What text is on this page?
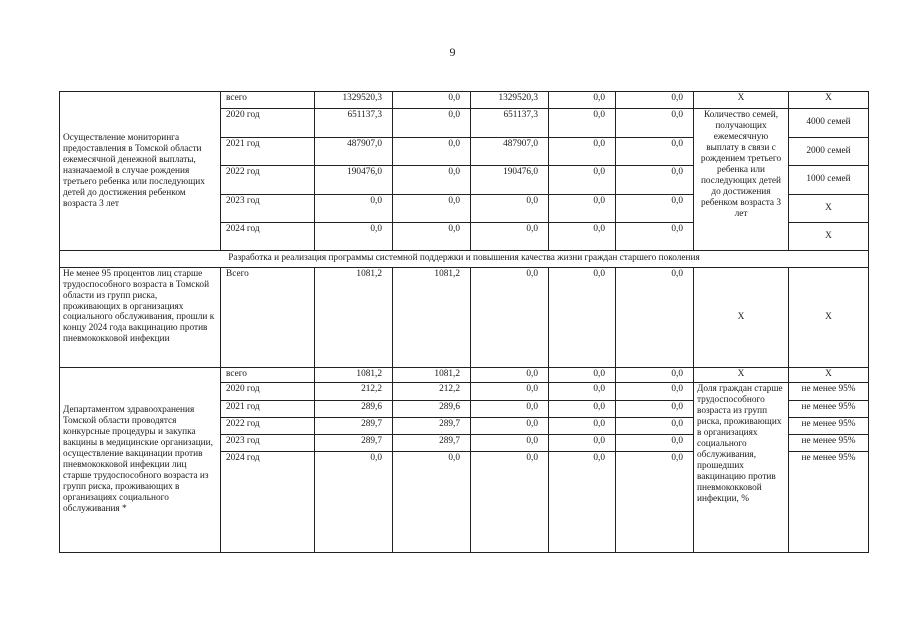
9
Осуществление мониторинга предоставления в Томской области ежемесячной денежной выплаты, назначаемой в случае рождения третьего ребенка или последующих детей до достижения ребенком возраста 3 лет	всего	1329520,3	0,0	1329520,3	0,0	0,0	X	X
	2020 год	651137,3	0,0	651137,3	0,0	0,0	Количество семей, получающих ежемесячную выплату в связи с рождением третьего ребенка или последующих детей до достижения ребенком возраста 3 лет	4000 семей
	2021 год	487907,0	0,0	487907,0	0,0	0,0		2000 семей
	2022 год	190476,0	0,0	190476,0	0,0	0,0		1000 семей
	2023 год	0,0	0,0	0,0	0,0	0,0		X
	2024 год	0,0	0,0	0,0	0,0	0,0		X
Разработка и реализация программы системной поддержки и повышения качества жизни граждан старшего поколения								
Не менее 95 процентов лиц старше трудоспособного возраста в Томской области из групп риска, проживающих в организациях социального обслуживания, прошли к концу 2024 года вакцинацию против пневмококковой инфекции	Всего	1081,2	1081,2	0,0	0,0	0,0	X	X
Департаментом здравоохранения Томской области проводятся конкурсные процедуры и закупка вакцины в медицинские организации, осуществление вакцинации против пневмококковой инфекции лиц старше трудоспособного возраста из групп риска, проживающих в организациях социального обслуживания *	всего	1081,2	1081,2	0,0	0,0	0,0	X	X
	2020 год	212,2	212,2	0,0	0,0	0,0	Доля граждан старше трудоспособного возраста из групп риска, проживающих в организациях социального обслуживания, прошедших вакцинацию против пневмококковой инфекции, %	не менее 95%
	2021 год	289,6	289,6	0,0	0,0	0,0		не менее 95%
	2022 год	289,7	289,7	0,0	0,0	0,0		не менее 95%
	2023 год	289,7	289,7	0,0	0,0	0,0		не менее 95%
	2024 год	0,0	0,0	0,0	0,0	0,0		не менее 95%
